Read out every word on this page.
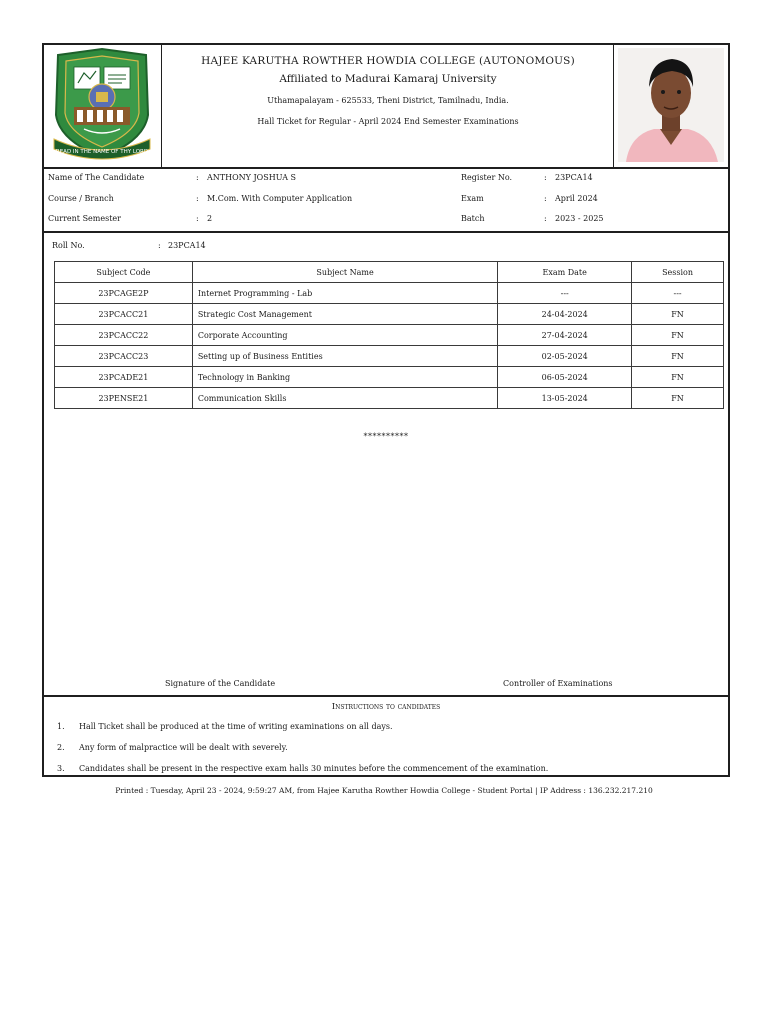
READ IN THE NAME OF THY LORD
HAJEE KARUTHA ROWTHER HOWDIA COLLEGE (AUTONOMOUS)
Affiliated to Madurai Kamaraj University
Uthamapalayam - 625533, Theni District, Tamilnadu, India.
Hall Ticket for Regular - April 2024 End Semester Examinations
Name of The Candidate	: ANTHONY JOSHUA S	Register No.	: 23PCA14
Course / Branch	: M.Com. With Computer Application	Exam	: April 2024
Current Semester	: 2	Batch	: 2023 - 2025
Roll No.	: 23PCA14
Subject Code	Subject Name	Exam Date	Session
23PCAGE2P	Internet Programming - Lab	---	---
23PCACC21	Strategic Cost Management	24-04-2024	FN
23PCACC22	Corporate Accounting	27-04-2024	FN
23PCACC23	Setting up of Business Entities	02-05-2024	FN
23PCADE21	Technology in Banking	06-05-2024	FN
23PENSE21	Communication Skills	13-05-2024	FN
**********
Signature of the Candidate	Controller of Examinations
Instructions to candidates
1. Hall Ticket shall be produced at the time of writing examinations on all days.
2. Any form of malpractice will be dealt with severely.
3. Candidates shall be present in the respective exam halls 30 minutes before the commencement of the examination.
Printed : Tuesday, April 23 - 2024, 9:59:27 AM, from Hajee Karutha Rowther Howdia College - Student Portal | IP Address : 136.232.217.210
